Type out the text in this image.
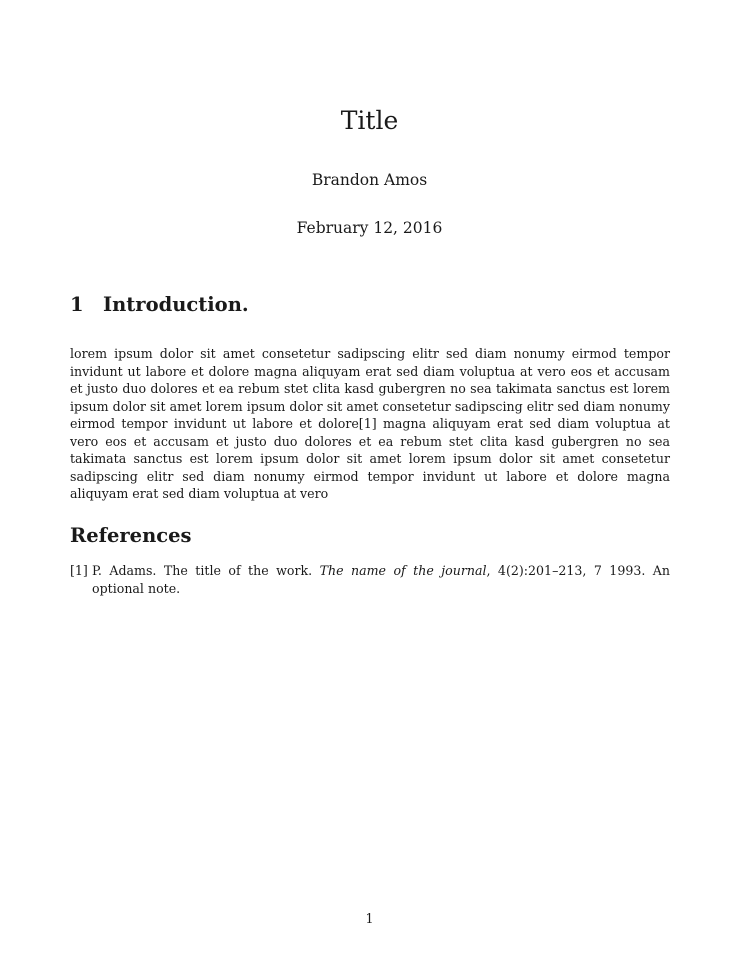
Title
Brandon Amos
February 12, 2016
1 Introduction.

lorem ipsum dolor sit amet consetetur sadipscing elitr sed diam nonumy eirmod tempor invidunt ut labore et dolore magna aliquyam erat sed diam voluptua at vero eos et accusam et justo duo dolores et ea rebum stet clita kasd gubergren no sea takimata sanctus est lorem ipsum dolor sit amet lorem ipsum dolor sit amet consetetur sadipscing elitr sed diam nonumy eirmod tempor invidunt ut labore et dolore[1] magna aliquyam erat sed diam voluptua at vero eos et accusam et justo duo dolores et ea rebum stet clita kasd gubergren no sea takimata sanctus est lorem ipsum dolor sit amet lorem ipsum dolor sit amet consetetur sadipscing elitr sed diam nonumy eirmod tempor invidunt ut labore et dolore magna aliquyam erat sed diam voluptua at vero

References
[1] P. Adams. The title of the work. The name of the journal, 4(2):201–213, 7 1993. An optional note.
1
